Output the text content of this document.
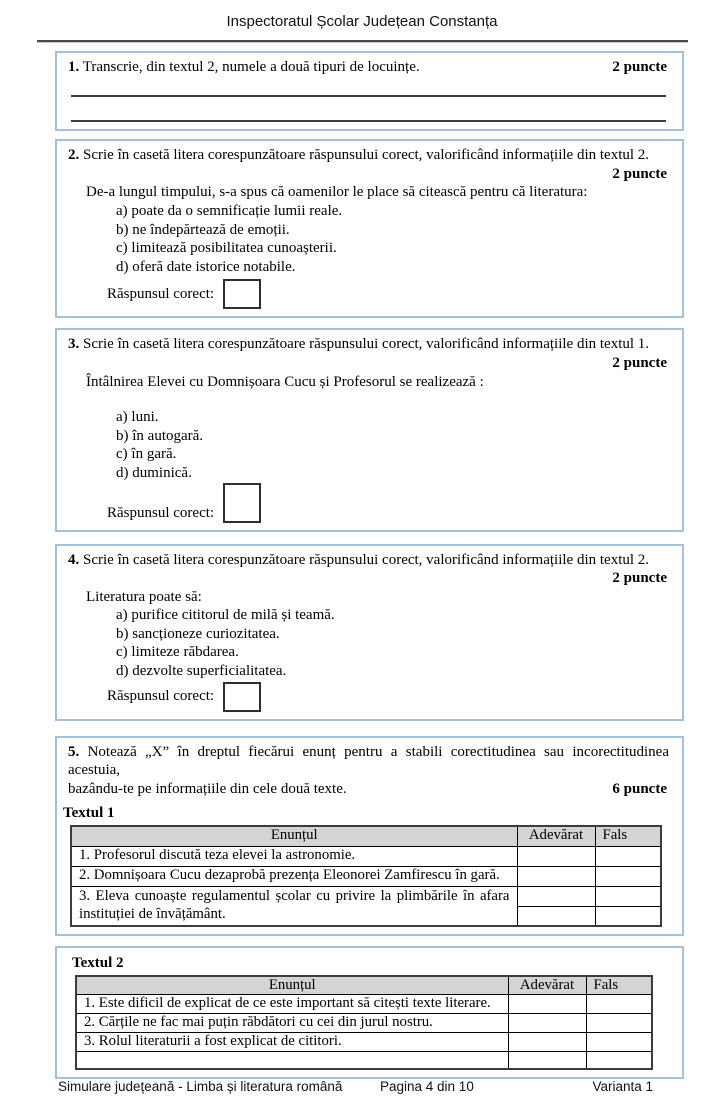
Inspectoratul Școlar Județean Constanța
1. Transcrie, din textul 2, numele a două tipuri de locuințe.	2 puncte
2. Scrie în casetă litera corespunzătoare răspunsului corect, valorificând informațiile din textul 2.
2 puncte
De-a lungul timpului, s-a spus că oamenilor le place să citească pentru că literatura:
a) poate da o semnificație lumii reale.
b) ne îndepărtează de emoții.
c) limitează posibilitatea cunoașterii.
d) oferă date istorice notabile.
Răspunsul corect:
3. Scrie în casetă litera corespunzătoare răspunsului corect, valorificând informațiile din textul 1.
2 puncte
Întâlnirea Elevei cu Domnișoara Cucu și Profesorul se realizează :
a) luni.
b) în autogară.
c) în gară.
d) duminică.
Răspunsul corect:
4. Scrie în casetă litera corespunzătoare răspunsului corect, valorificând informațiile din textul 2.
2 puncte
Literatura poate să:
a) purifice cititorul de milă și teamă.
b) sancționeze curiozitatea.
c) limiteze răbdarea.
d) dezvolte superficialitatea.
Răspunsul corect:
5. Notează „X” în dreptul fiecărui enunț pentru a stabili corectitudinea sau incorectitudinea acestuia,
bazându-te pe informațiile din cele două texte.	6 puncte
Textul 1
Enunțul	Adevărat	Fals
1. Profesorul discută teza elevei la astronomie.		
2. Domnișoara Cucu dezaprobă prezența Eleonorei Zamfirescu în gară.		
3. Eleva cunoaște regulamentul școlar cu privire la plimbările în afara instituției de învățământ.		

Textul 2
Enunțul	Adevărat	Fals
1. Este dificil de explicat de ce este important să citești texte literare.		
2. Cărțile ne fac mai puțin răbdători cu cei din jurul nostru.		
3. Rolul literaturii a fost explicat de cititori.		

Simulare județeană - Limba și literatura română	Pagina 4 din 10	Varianta 1
